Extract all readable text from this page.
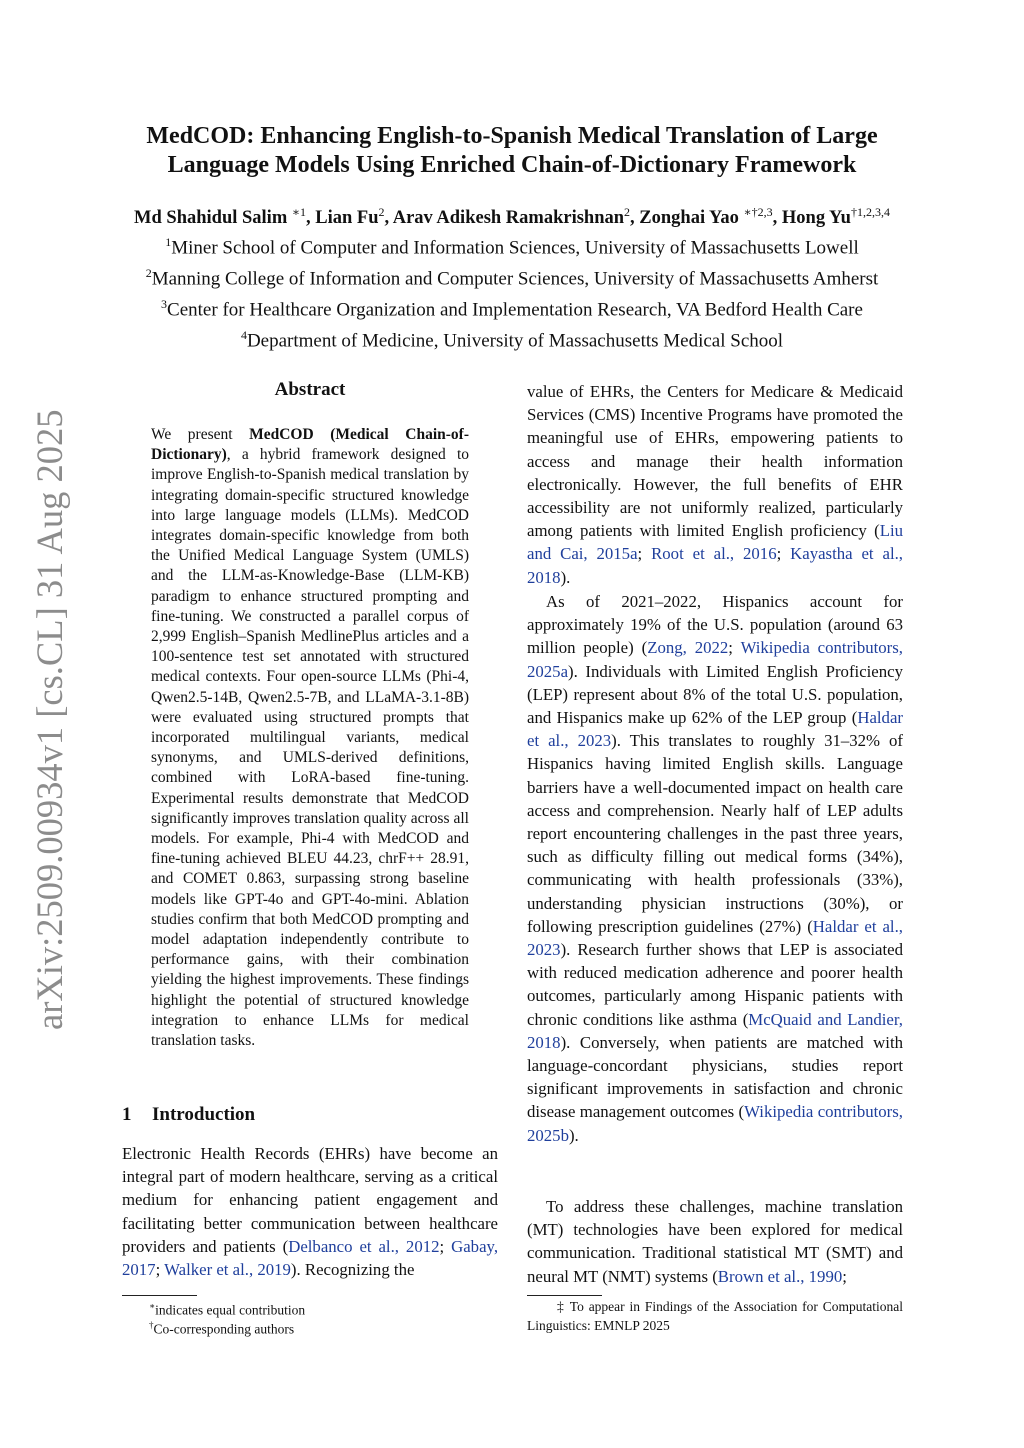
arXiv:2509.00934v1 [cs.CL] 31 Aug 2025
MedCOD: Enhancing English-to-Spanish Medical Translation of Large
Language Models Using Enriched Chain-of-Dictionary Framework
Md Shahidul Salim $^{∗1}$, Lian Fu$^2$, Arav Adikesh Ramakrishnan$^2$, Zonghai Yao $^{∗\dagger 2,3}$, Hong Yu$^{\dagger 1,2,3,4}$
$^1$Miner School of Computer and Information Sciences, University of Massachusetts Lowell
$^2$Manning College of Information and Computer Sciences, University of Massachusetts Amherst
$^3$Center for Healthcare Organization and Implementation Research, VA Bedford Health Care
$^4$Department of Medicine, University of Massachusetts Medical School
Abstract

We present MedCOD (Medical Chain-of-Dictionary), a hybrid framework designed to improve English-to-Spanish medical translation by integrating domain-specific structured knowledge into large language models (LLMs). MedCOD integrates domain-specific knowledge from both the Unified Medical Language System (UMLS) and the LLM-as-Knowledge-Base (LLM-KB) paradigm to enhance structured prompting and fine-tuning. We constructed a parallel corpus of 2,999 English–Spanish MedlinePlus articles and a 100-sentence test set annotated with structured medical contexts. Four open-source LLMs (Phi-4, Qwen2.5-14B, Qwen2.5-7B, and LLaMA-3.1-8B) were evaluated using structured prompts that incorporated multilingual variants, medical synonyms, and UMLS-derived definitions, combined with LoRA-based fine-tuning. Experimental results demonstrate that MedCOD significantly improves translation quality across all models. For example, Phi-4 with MedCOD and fine-tuning achieved BLEU 44.23, chrF++ 28.91, and COMET 0.863, surpassing strong baseline models like GPT-4o and GPT-4o-mini. Ablation studies confirm that both MedCOD prompting and model adaptation independently contribute to performance gains, with their combination yielding the highest improvements. These findings highlight the potential of structured knowledge integration to enhance LLMs for medical translation tasks.

1 Introduction

Electronic Health Records (EHRs) have become an integral part of modern healthcare, serving as a critical medium for enhancing patient engagement and facilitating better communication between healthcare providers and patients (Delbanco et al., 2012; Gabay, 2017; Walker et al., 2019). Recognizing the

∗indicates equal contribution

†Co-corresponding authors

value of EHRs, the Centers for Medicare & Medicaid Services (CMS) Incentive Programs have promoted the meaningful use of EHRs, empowering patients to access and manage their health information electronically. However, the full benefits of EHR accessibility are not uniformly realized, particularly among patients with limited English proficiency (Liu and Cai, 2015a; Root et al., 2016; Kayastha et al., 2018).

As of 2021–2022, Hispanics account for approximately 19% of the U.S. population (around 63 million people) (Zong, 2022; Wikipedia contributors, 2025a). Individuals with Limited English Proficiency (LEP) represent about 8% of the total U.S. population, and Hispanics make up 62% of the LEP group (Haldar et al., 2023). This translates to roughly 31–32% of Hispanics having limited English skills. Language barriers have a well-documented impact on health care access and comprehension. Nearly half of LEP adults report encountering challenges in the past three years, such as difficulty filling out medical forms (34%), communicating with health professionals (33%), understanding physician instructions (30%), or following prescription guidelines (27%) (Haldar et al., 2023). Research further shows that LEP is associated with reduced medication adherence and poorer health outcomes, particularly among Hispanic patients with chronic conditions like asthma (McQuaid and Landier, 2018). Conversely, when patients are matched with language-concordant physicians, studies report significant improvements in satisfaction and chronic disease management outcomes (Wikipedia contributors, 2025b).

To address these challenges, machine translation (MT) technologies have been explored for medical communication. Traditional statistical MT (SMT) and neural MT (NMT) systems (Brown et al., 1990;

‡ To appear in Findings of the Association for Computational Linguistics: EMNLP 2025
